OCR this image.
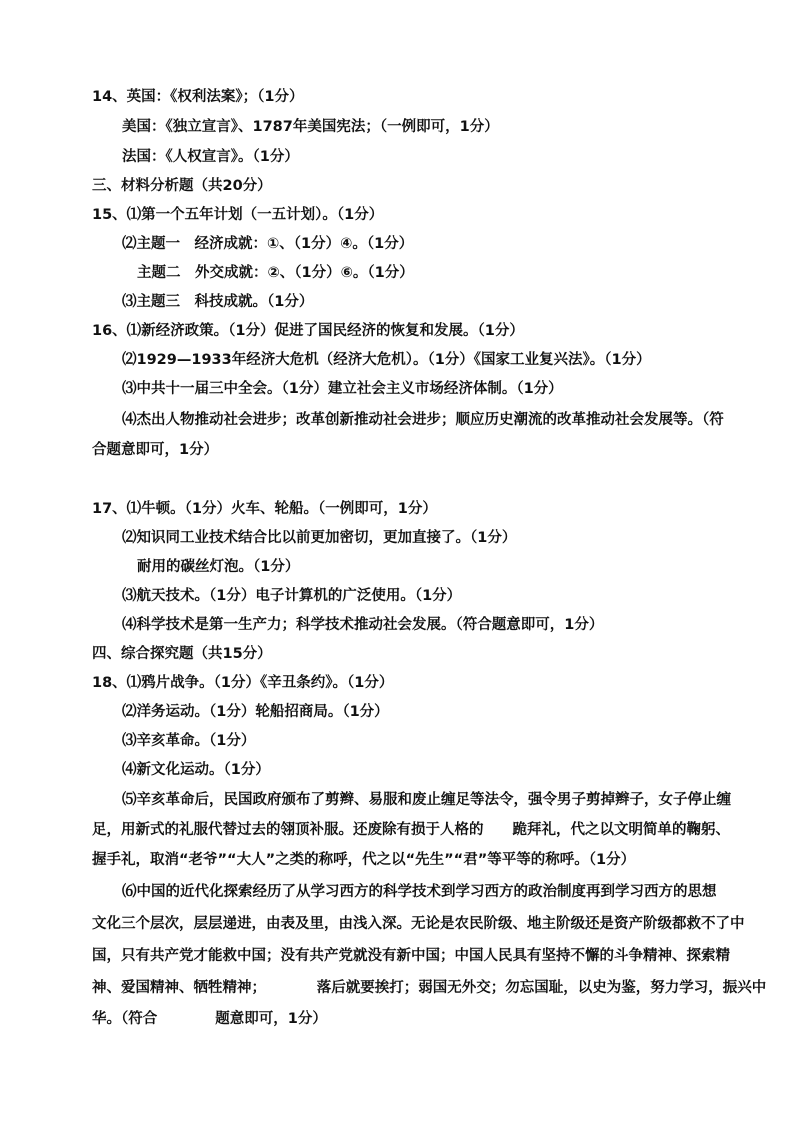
14、英国：《权利法案》；（1分）
美国：《独立宣言》、1787年美国宪法；（一例即可，1分）
法国：《人权宣言》。（1分）
三、材料分析题（共20分）
15、⑴第一个五年计划（一五计划）。（1分）
⑵主题一　经济成就：①、（1分）④。（1分）
主题二　外交成就：②、（1分）⑥。（1分）
⑶主题三　科技成就。（1分）
16、⑴新经济政策。（1分）促进了国民经济的恢复和发展。（1分）
⑵1929—1933年经济大危机（经济大危机）。（1分）《国家工业复兴法》。（1分）
⑶中共十一届三中全会。（1分）建立社会主义市场经济体制。（1分）
⑷杰出人物推动社会进步；改革创新推动社会进步；顺应历史潮流的改革推动社会发展等。（符
合题意即可，1分）
17、⑴牛顿。（1分）火车、轮船。（一例即可，1分）
⑵知识同工业技术结合比以前更加密切，更加直接了。（1分）
耐用的碳丝灯泡。（1分）
⑶航天技术。（1分）电子计算机的广泛使用。（1分）
⑷科学技术是第一生产力；科学技术推动社会发展。（符合题意即可，1分）
四、综合探究题（共15分）
18、⑴鸦片战争。（1分）《辛丑条约》。（1分）
⑵洋务运动。（1分）轮船招商局。（1分）
⑶辛亥革命。（1分）
⑷新文化运动。（1分）
⑸辛亥革命后，民国政府颁布了剪辫、易服和废止缠足等法令，强令男子剪掉辫子，女子停止缠
足，用新式的礼服代替过去的翎顶补服。还废除有损于人格的　　跪拜礼，代之以文明简单的鞠躬、
握手礼，取消“老爷”“大人”之类的称呼，代之以“先生”“君”等平等的称呼。（1分）
⑹中国的近代化探索经历了从学习西方的科学技术到学习西方的政治制度再到学习西方的思想
文化三个层次，层层递进，由表及里，由浅入深。无论是农民阶级、地主阶级还是资产阶级都救不了中
国，只有共产党才能救中国；没有共产党就没有新中国；中国人民具有坚持不懈的斗争精神、探索精
神、爱国精神、牺牲精神；　　　　落后就要挨打；弱国无外交；勿忘国耻，以史为鉴，努力学习，振兴中
华。（符合　　　　题意即可，1分）
